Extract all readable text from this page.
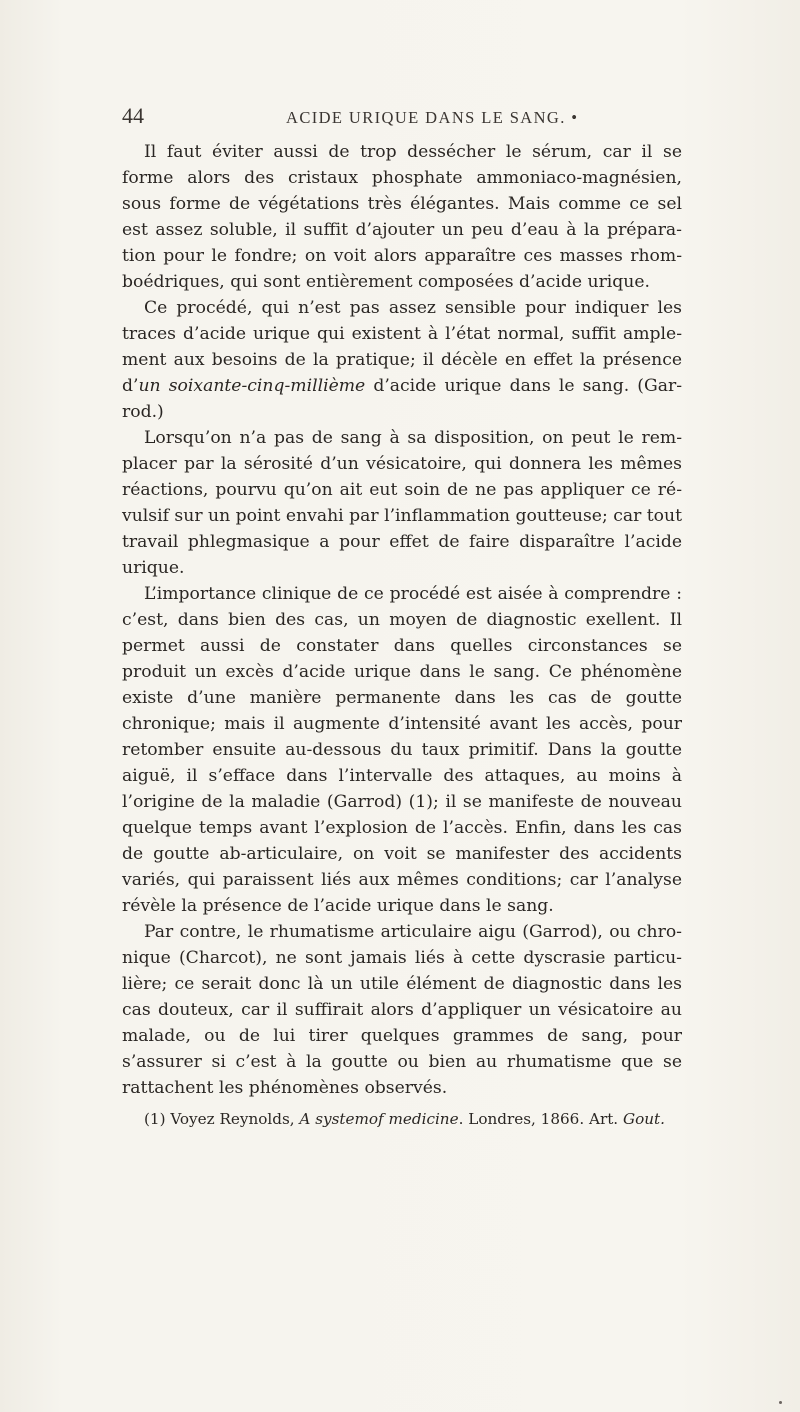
44	ACIDE URIQUE DANS LE SANG. •

Il faut éviter aussi de trop dessécher le sérum, car il se forme alors des cristaux phosphate ammoniaco-magnésien, sous forme de végétations très élégantes. Mais comme ce sel est assez soluble, il suffit d’ajouter un peu d’eau à la prépara-tion pour le fondre; on voit alors apparaître ces masses rhom-boédriques, qui sont entièrement composées d’acide urique.

Ce procédé, qui n’est pas assez sensible pour indiquer les traces d’acide urique qui existent à l’état normal, suffit ample-ment aux besoins de la pratique; il décèle en effet la présence d’un soixante-cinq-millième d’acide urique dans le sang. (Gar-rod.)

Lorsqu’on n’a pas de sang à sa disposition, on peut le rem-placer par la sérosité d’un vésicatoire, qui donnera les mêmes réactions, pourvu qu’on ait eut soin de ne pas appliquer ce ré-vulsif sur un point envahi par l’inflammation goutteuse; car tout travail phlegmasique a pour effet de faire disparaître l’acide urique.

L’importance clinique de ce procédé est aisée à comprendre : c’est, dans bien des cas, un moyen de diagnostic exellent. Il permet aussi de constater dans quelles circonstances se produit un excès d’acide urique dans le sang. Ce phénomène existe d’une manière permanente dans les cas de goutte chronique; mais il augmente d’intensité avant les accès, pour retomber ensuite au-dessous du taux primitif. Dans la goutte aiguë, il s’efface dans l’intervalle des attaques, au moins à l’origine de la maladie (Garrod) (1); il se manifeste de nouveau quelque temps avant l’explosion de l’accès. Enfin, dans les cas de goutte ab-articulaire, on voit se manifester des accidents variés, qui paraissent liés aux mêmes conditions; car l’analyse révèle la présence de l’acide urique dans le sang.

Par contre, le rhumatisme articulaire aigu (Garrod), ou chro-nique (Charcot), ne sont jamais liés à cette dyscrasie particu-lière; ce serait donc là un utile élément de diagnostic dans les cas douteux, car il suffirait alors d’appliquer un vésicatoire au malade, ou de lui tirer quelques grammes de sang, pour s’assurer si c’est à la goutte ou bien au rhumatisme que se rattachent les phénomènes observés.

(1) Voyez Reynolds, A systemof medicine. Londres, 1866. Art. Gout.
